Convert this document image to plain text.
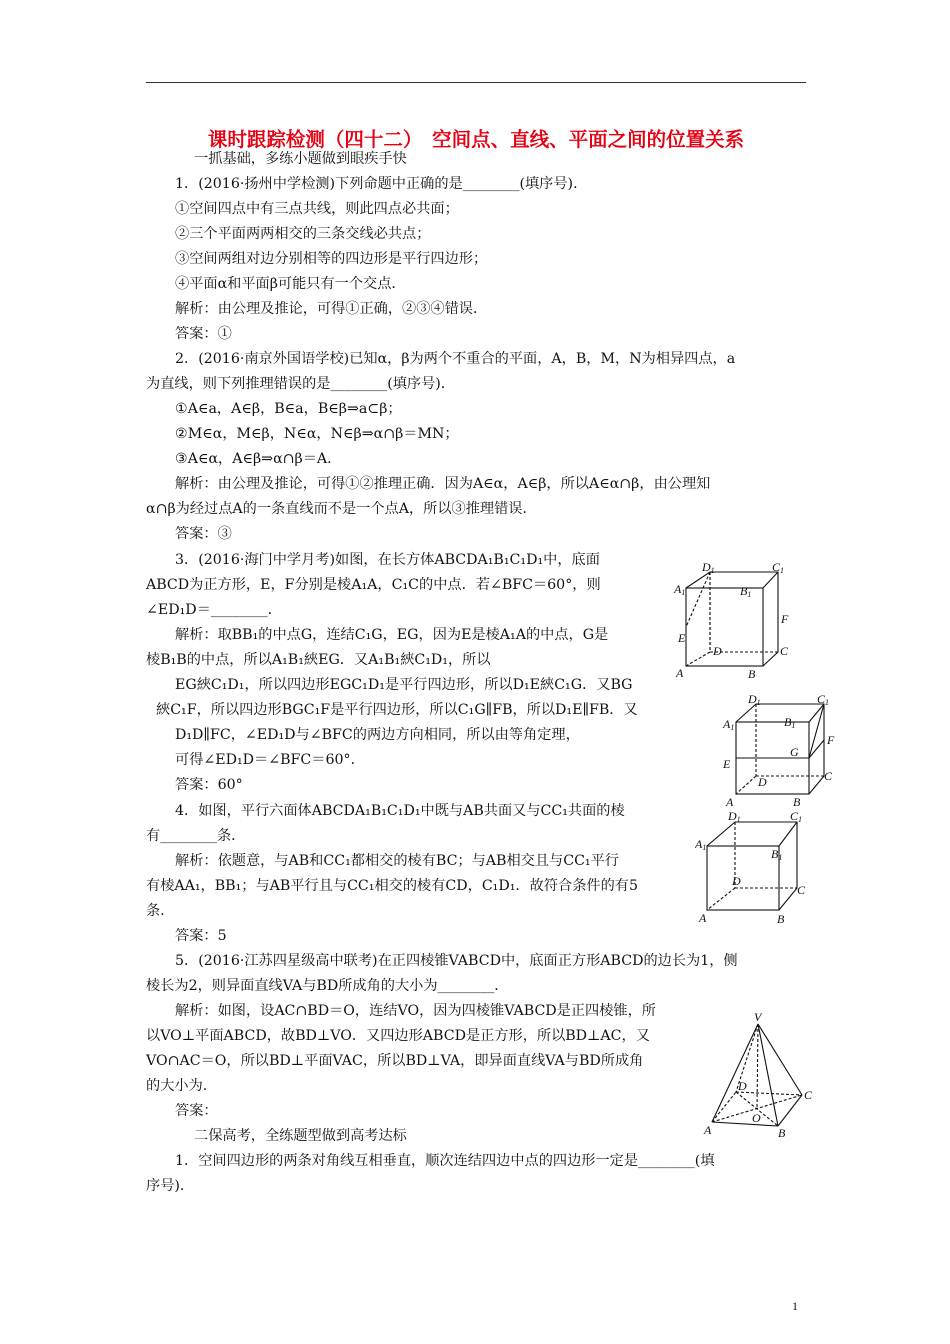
课时跟踪检测（四十二）　空间点、直线、平面之间的位置关系
一抓基础，多练小题做到眼疾手快
1．(2016·扬州中学检测)下列命题中正确的是________(填序号)．
①空间四点中有三点共线，则此四点必共面；
②三个平面两两相交的三条交线必共点；
③空间两组对边分别相等的四边形是平行四边形；
④平面α和平面β可能只有一个交点．
解析：由公理及推论，可得①正确，②③④错误．
答案：①
2．(2016·南京外国语学校)已知α，β为两个不重合的平面，A，B，M，N为相异四点，a
为直线，则下列推理错误的是________(填序号)．
①A∈a，A∈β，B∈a，B∈β⇒a⊂β；
②M∈α，M∈β，N∈α，N∈β⇒α∩β＝MN；
③A∈α，A∈β⇒α∩β＝A．
解析：由公理及推论，可得①②推理正确．因为A∈α，A∈β，所以A∈α∩β，由公理知
α∩β为经过点A的一条直线而不是一个点A，所以③推理错误．
答案：③
3．(2016·海门中学月考)如图，在长方体ABCDA₁B₁C₁D₁中，底面
ABCD为正方形，E，F分别是棱A₁A，C₁C的中点．若∠BFC＝60°，则
∠ED₁D＝________．
解析：取BB₁的中点G，连结C₁G，EG，因为E是棱A₁A的中点，G是
棱B₁B的中点，所以A₁B₁綊EG．又A₁B₁綊C₁D₁，所以
EG綊C₁D₁，所以四边形EGC₁D₁是平行四边形，所以D₁E綊C₁G．又BG
綊C₁F，所以四边形BGC₁F是平行四边形，所以C₁G∥FB，所以D₁E∥FB．又
D₁D∥FC，∠ED₁D与∠BFC的两边方向相同，所以由等角定理，
可得∠ED₁D＝∠BFC＝60°．
答案：60°
4．如图，平行六面体ABCDA₁B₁C₁D₁中既与AB共面又与CC₁共面的棱
有________条．
解析：依题意，与AB和CC₁都相交的棱有BC；与AB相交且与CC₁平行
有棱AA₁，BB₁；与AB平行且与CC₁相交的棱有CD，C₁D₁．故符合条件的有5
条．
答案：5
5．(2016·江苏四星级高中联考)在正四棱锥VABCD中，底面正方形ABCD的边长为1，侧
棱长为2，则异面直线VA与BD所成角的大小为________．
解析：如图，设AC∩BD＝O，连结VO，因为四棱锥VABCD是正四棱锥，所
以VO⊥平面ABCD，故BD⊥VO．又四边形ABCD是正方形，所以BD⊥AC，又
VO∩AC＝O，所以BD⊥平面VAC，所以BD⊥VA，即异面直线VA与BD所成角
的大小为.
答案：
二保高考，全练题型做到高考达标
1．空间四边形的两条对角线互相垂直，顺次连结四边中点的四边形一定是________(填
序号)．
D1	C1
A1	B1
F
E
D	C
A	B
D1	C1
A1	B1
F
G
E
D	C
A	B
D1	C1
A1	B1
D
C
A	B
V
D
C
O
A	B
1
